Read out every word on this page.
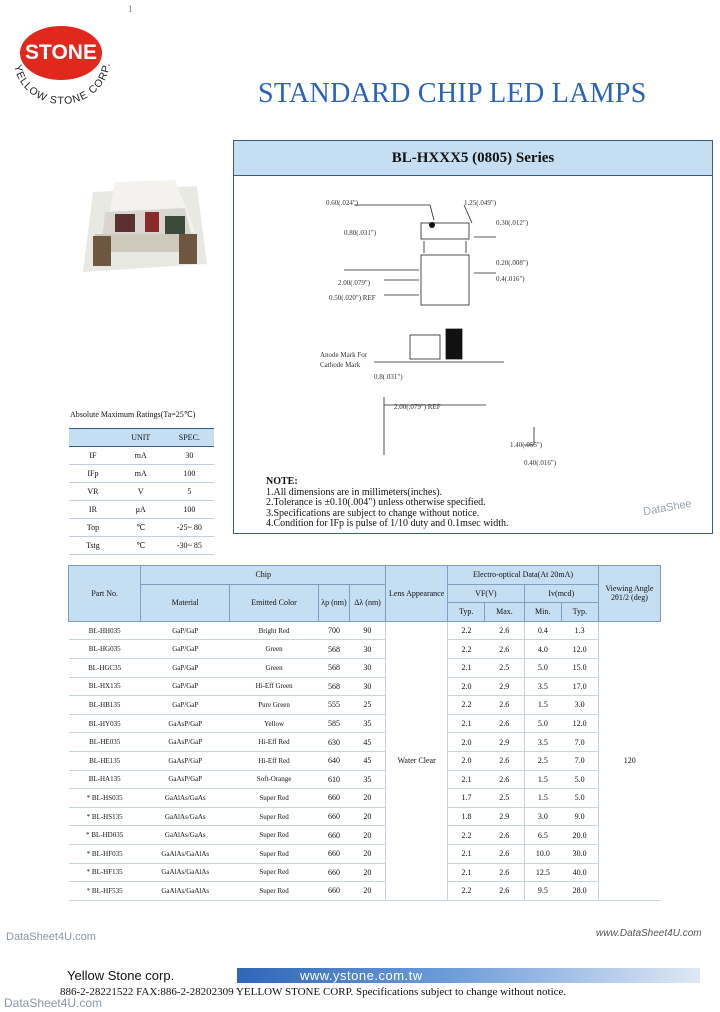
YELLOW STONE CORP.
STONE
1
STANDARD CHIP LED LAMPS
BL-HXXX5 (0805) Series
0.60(.024")	1.25(.049")
0.80(.031")
0.30(.012")
0.20(.008")
0.4(.016")
2.00(.079")
0.50(.020") REF
Anode Mark For
Cathode Mark
0.8(.031")
2.00(.079") REF
1.40(.055")
0.40(.016")
NOTE:
1.All dimensions are in millimeters(inches).
2.Tolerance is ±0.10(.004") unless otherwise specified.
3.Specifications are subject to change without notice.
4.Condition for IFp is pulse of 1/10 duty and 0.1msec width.
DataShee
Absolute Maximum Ratings(Ta=25℃)
	UNIT	SPEC.
IF	mA	30
IFp	mA	100
VR	V	5
IR	μA	100
Top	℃	-25~ 80
Tstg	℃	-30~ 85
Part No.	Chip				Lens Appearance	Electro-optical Data(At 20mA)				Viewing Angle 2θ1/2 (deg)
	Material	Emitted Color	λp (nm)	Δλ (nm)		VF(V)		Iv(mcd)		
						Typ.	Max.	Min.	Typ.	
BL-HH035	GaP/GaP	Bright Red	700	90	Water Clear	2.2	2.6	0.4	1.3	120
BL-HG035	GaP/GaP	Green	568	30		2.2	2.6	4.0	12.0	
BL-HGC35	GaP/GaP	Green	568	30		2.1	2.5	5.0	15.0	
BL-HX135	GaP/GaP	Hi-Eff Green	568	30		2.0	2.9	3.5	17.0	
BL-HB135	GaP/GaP	Pure Green	555	25		2.2	2.6	1.5	3.0	
BL-HY035	GaAsP/GaP	Yellow	585	35		2.1	2.6	5.0	12.0	
BL-HE035	GaAsP/GaP	Hi-Eff Red	630	45		2.0	2.9	3.5	7.0	
BL-HE135	GaAsP/GaP	Hi-Eff Red	640	45		2.0	2.6	2.5	7.0	
BL-HA135	GaAsP/GaP	Soft-Orange	610	35		2.1	2.6	1.5	5.0	
* BL-HS035	GaAlAs/GaAs	Super Red	660	20		1.7	2.5	1.5	5.0	
* BL-HS135	GaAlAs/GaAs	Super Red	660	20		1.8	2.9	3.0	9.0	
* BL-HD035	GaAlAs/GaAs	Super Red	660	20		2.2	2.6	6.5	20.0	
* BL-HF035	GaAlAs/GaAlAs	Super Red	660	20		2.1	2.6	10.0	30.0	
* BL-HF135	GaAlAs/GaAlAs	Super Red	660	20		2.1	2.6	12.5	40.0	
* BL-HF535	GaAlAs/GaAlAs	Super Red	660	20		2.2	2.6	9.5	28.0	
DataSheet4U.com	www.DataSheet4U.com
Yellow Stone corp.	www.ystone.com.tw
886-2-28221522 FAX:886-2-28202309 YELLOW STONE CORP. Specifications subject to change without notice.
DataSheet4U.com
